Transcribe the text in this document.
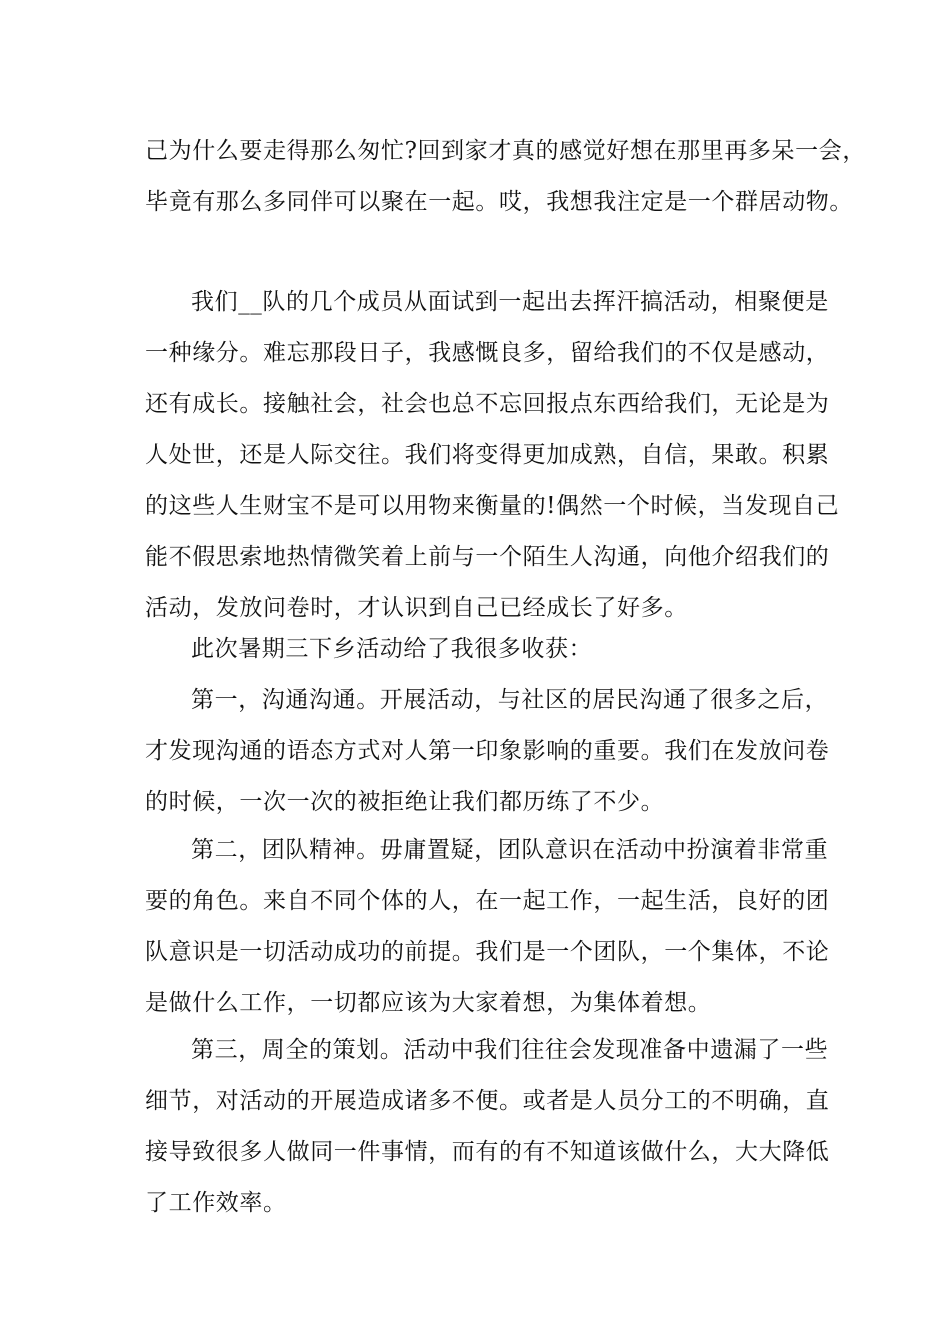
己为什么要走得那么匆忙?回到家才真的感觉好想在那里再多呆一会，
毕竟有那么多同伴可以聚在一起。哎，我想我注定是一个群居动物。
我们__队的几个成员从面试到一起出去挥汗搞活动，相聚便是
一种缘分。难忘那段日子，我感慨良多，留给我们的不仅是感动，
还有成长。接触社会，社会也总不忘回报点东西给我们，无论是为
人处世，还是人际交往。我们将变得更加成熟，自信，果敢。积累
的这些人生财宝不是可以用物来衡量的!偶然一个时候，当发现自己
能不假思索地热情微笑着上前与一个陌生人沟通，向他介绍我们的
活动，发放问卷时，才认识到自己已经成长了好多。
此次暑期三下乡活动给了我很多收获：
第一，沟通沟通。开展活动，与社区的居民沟通了很多之后，
才发现沟通的语态方式对人第一印象影响的重要。我们在发放问卷
的时候，一次一次的被拒绝让我们都历练了不少。
第二，团队精神。毋庸置疑，团队意识在活动中扮演着非常重
要的角色。来自不同个体的人，在一起工作，一起生活，良好的团
队意识是一切活动成功的前提。我们是一个团队，一个集体，不论
是做什么工作，一切都应该为大家着想，为集体着想。
第三，周全的策划。活动中我们往往会发现准备中遗漏了一些
细节，对活动的开展造成诸多不便。或者是人员分工的不明确，直
接导致很多人做同一件事情，而有的有不知道该做什么，大大降低
了工作效率。
